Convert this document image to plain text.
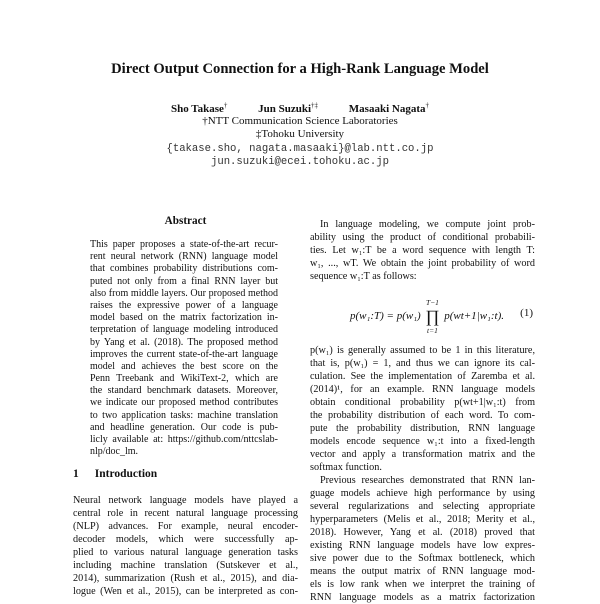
Direct Output Connection for a High-Rank Language Model
Sho Takase†	Jun Suzuki†‡	Masaaki Nagata†
†NTT Communication Science Laboratories
‡Tohoku University
{takase.sho, nagata.masaaki}@lab.ntt.co.jp
jun.suzuki@ecei.tohoku.ac.jp
Abstract
This paper proposes a state-of-the-art recur-
rent neural network (RNN) language model
that combines probability distributions com-
puted not only from a final RNN layer but
also from middle layers. Our proposed method
raises the expressive power of a language
model based on the matrix factorization in-
terpretation of language modeling introduced
by Yang et al. (2018). The proposed method
improves the current state-of-the-art language
model and achieves the best score on the
Penn Treebank and WikiText-2, which are
the standard benchmark datasets. Moreover,
we indicate our proposed method contributes
to two application tasks: machine translation
and headline generation. Our code is pub-
licly available at: https://github.com/nttcslab-
nlp/doc_lm.
1 Introduction
Neural network language models have played a
central role in recent natural language processing
(NLP) advances. For example, neural encoder-
decoder models, which were successfully ap-
plied to various natural language generation tasks
including machine translation (Sutskever et al.,
2014), summarization (Rush et al., 2015), and dia-
logue (Wen et al., 2015), can be interpreted as con-
In language modeling, we compute joint prob-
ability using the product of conditional probabili-
ties. Let w₁:T be a word sequence with length T:
w₁, ..., wT. We obtain the joint probability of word
sequence w₁:T as follows:
p(w₁:T) = p(w₁) ∏
T−1
t=1
p(wt+1|w₁:t). (1)
p(w₁) is generally assumed to be 1 in this literature,
that is, p(w₁) = 1, and thus we can ignore its cal-
culation. See the implementation of Zaremba et al.
(2014)¹, for an example. RNN language models
obtain conditional probability p(wt+1|w₁:t) from
the probability distribution of each word. To com-
pute the probability distribution, RNN language
models encode sequence w₁:t into a fixed-length
vector and apply a transformation matrix and the
softmax function.
Previous researches demonstrated that RNN lan-
guage models achieve high performance by using
several regularizations and selecting appropriate
hyperparameters (Melis et al., 2018; Merity et al.,
2018). However, Yang et al. (2018) proved that
existing RNN language models have low expres-
sive power due to the Softmax bottleneck, which
means the output matrix of RNN language mod-
els is low rank when we interpret the training of
RNN language models as a matrix factorization
